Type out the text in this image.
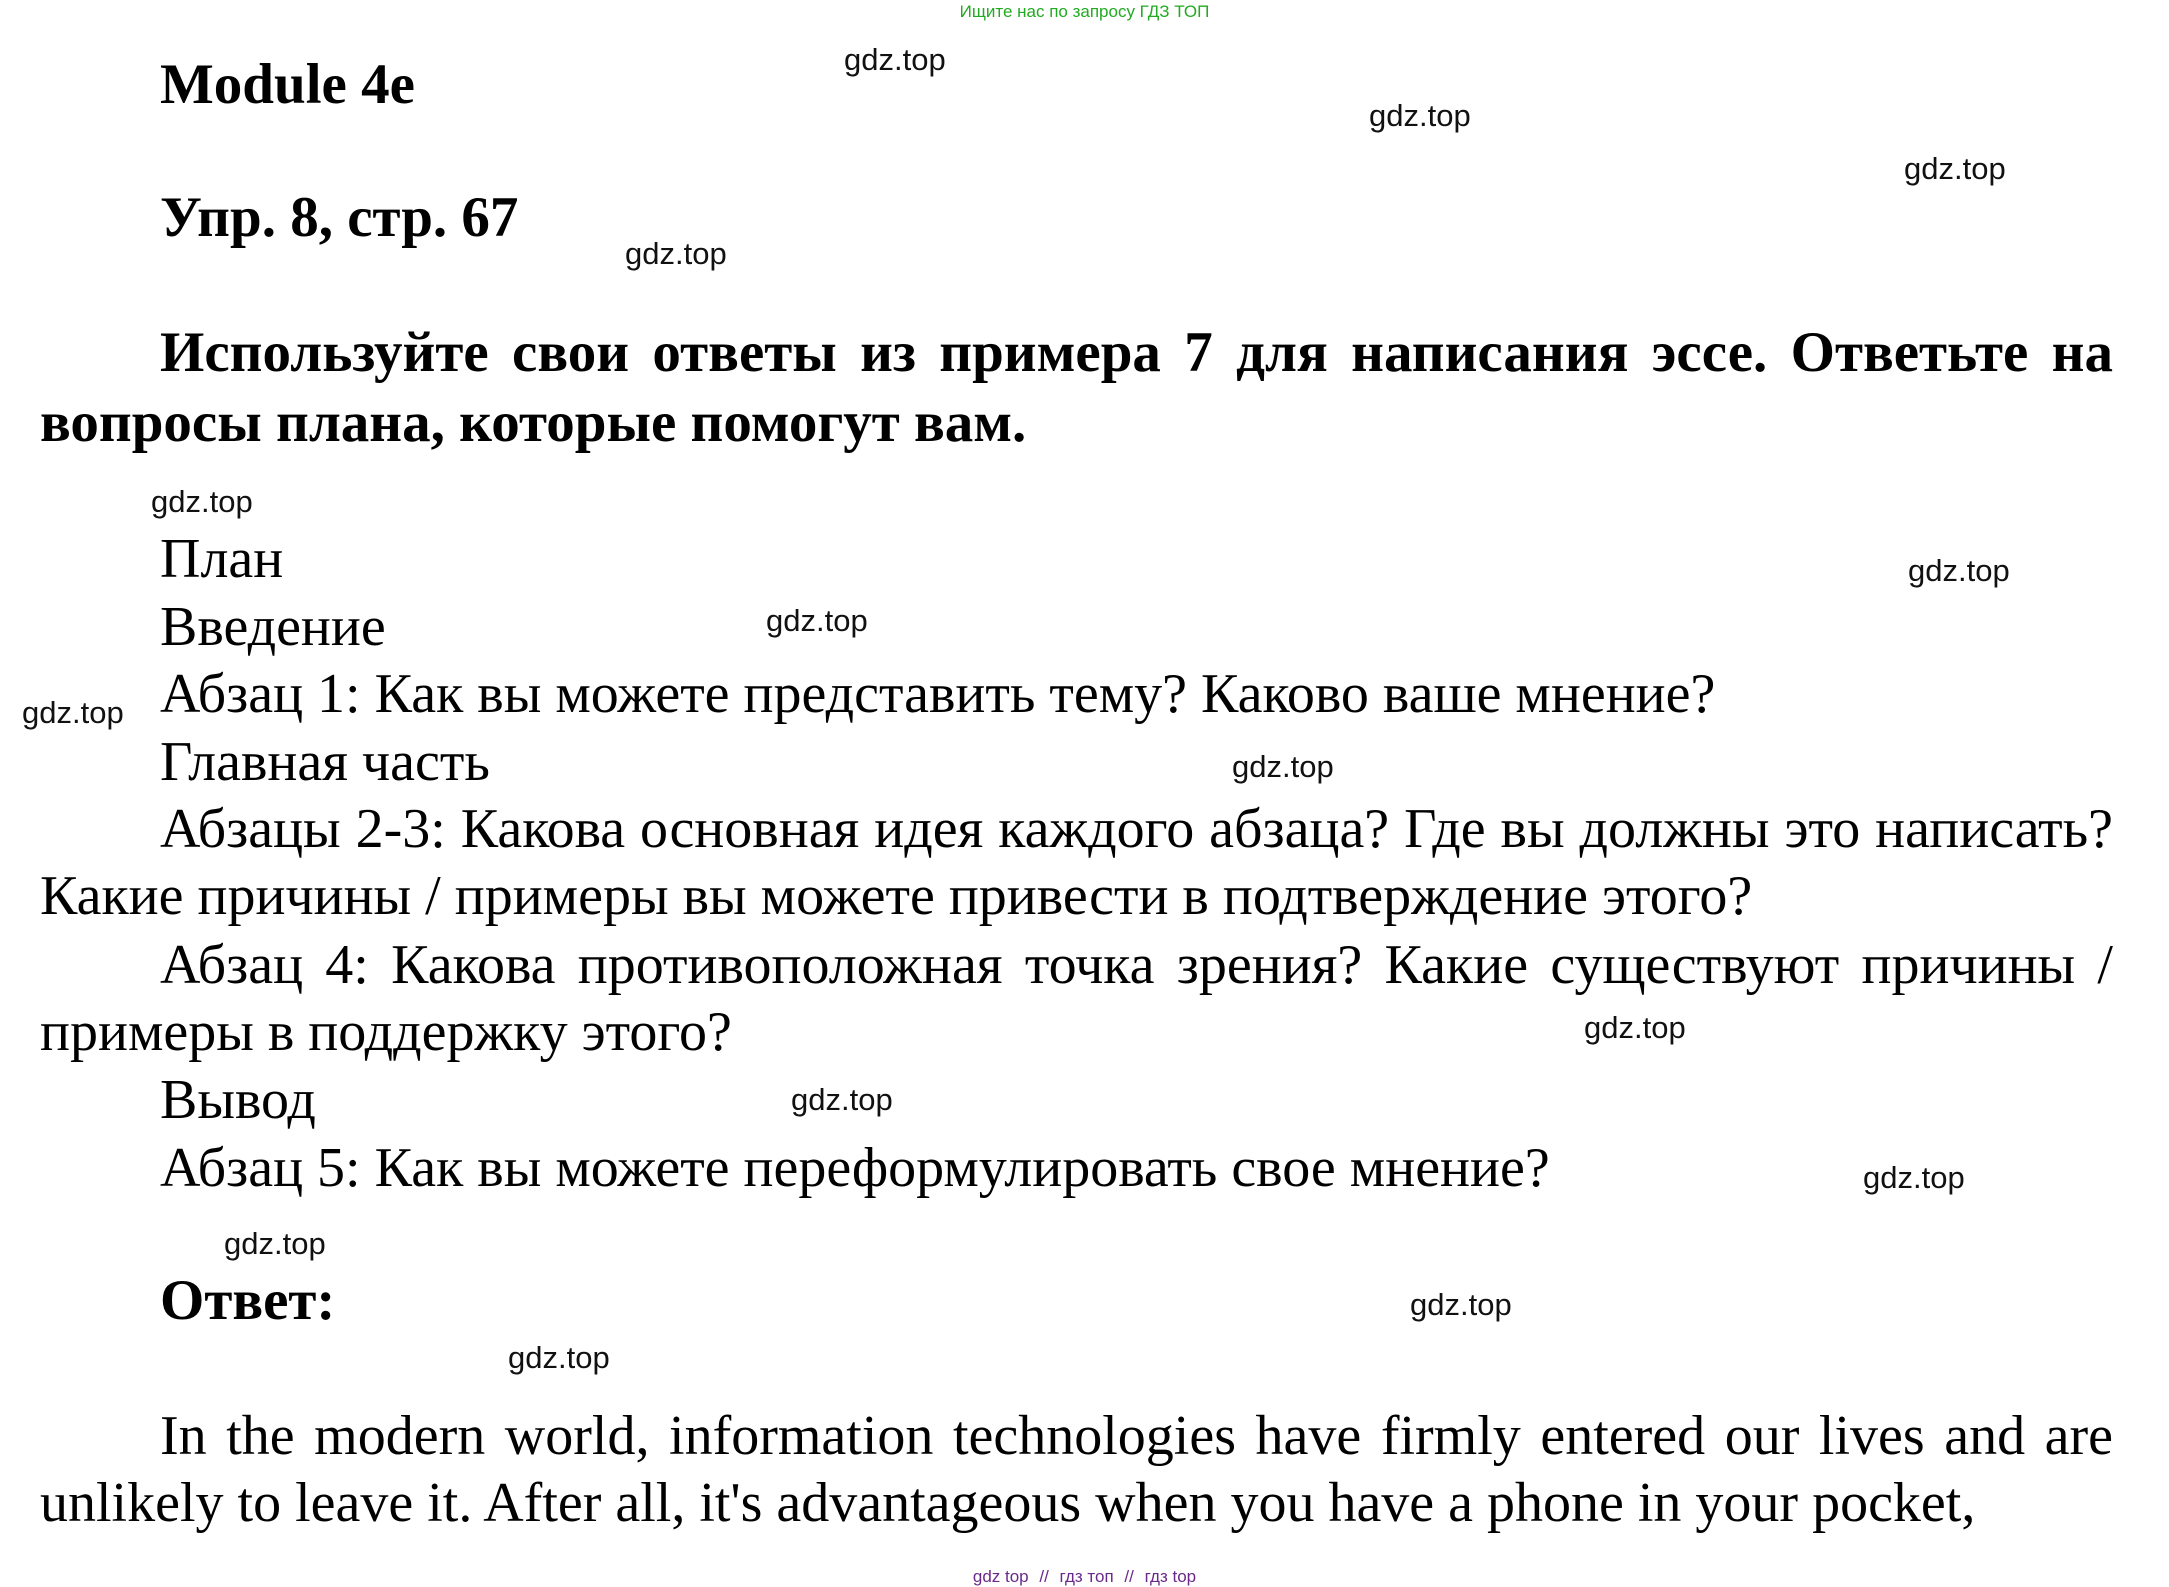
Ищите нас по запросу ГДЗ ТОП
Module 4e
Упр. 8, стр. 67
Используйте свои ответы из примера 7 для написания эссе. Ответьте на вопросы плана, которые помогут вам.
План
Введение
Абзац 1: Как вы можете представить тему? Каково ваше мнение?
Главная часть
Абзацы 2-3: Какова основная идея каждого абзаца? Где вы должны это написать? Какие причины / примеры вы можете привести в подтверждение этого?
Абзац 4: Какова противоположная точка зрения? Какие существуют причины / примеры в поддержку этого?
Вывод
Абзац 5: Как вы можете переформулировать свое мнение?
Ответ:
In the modern world, information technologies have firmly entered our lives and are unlikely to leave it. After all, it's advantageous when you have a phone in your pocket,
gdz.top
gdz.top
gdz.top
gdz.top
gdz.top
gdz.top
gdz.top
gdz.top
gdz.top
gdz.top
gdz.top
gdz.top
gdz.top
gdz.top
gdz.top
gdz top // гдз топ // гдз top
